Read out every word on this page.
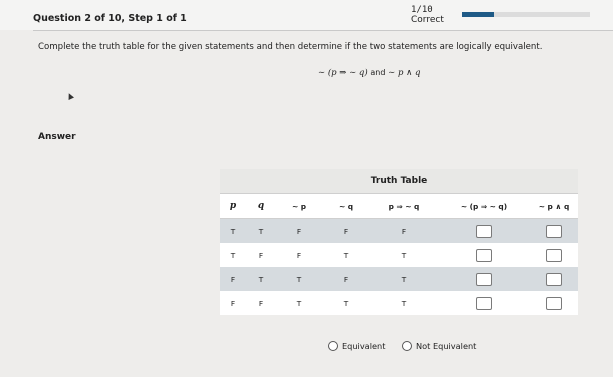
Question 2 of 10, Step 1 of 1
1/10
Correct
Complete the truth table for the given statements and then determine if the two statements are logically equivalent.
∼ (p ⇒ ∼ q) and ∼ p ∧ q
Answer
Truth Table						
p	q	∼ p	∼ q	p ⇒ ∼ q	∼ (p ⇒ ∼ q)	∼ p ∧ q
T	T	F	F	F		
T	F	F	T	T		
F	T	T	F	T		
F	F	T	T	T		
Equivalent
	Not Equivalent
